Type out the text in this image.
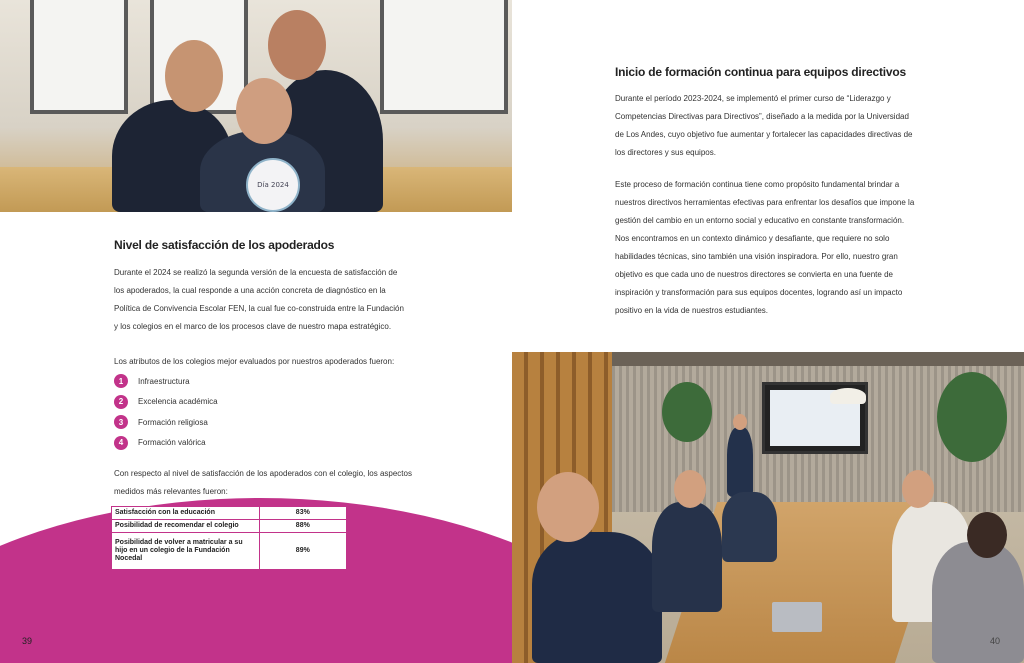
Día 2024
Nivel de satisfacción de los apoderados

Durante el 2024 se realizó la segunda versión de la encuesta de satisfacción de los apoderados, la cual responde a una acción concreta de diagnóstico en la Política de Convivencia Escolar FEN, la cual fue co-construida entre la Fundación y los colegios en el marco de los procesos clave de nuestro mapa estratégico.

Los atributos de los colegios mejor evaluados por nuestros apoderados fueron:

1	Infraestructura
2	Excelencia académica
3	Formación religiosa
4	Formación valórica

Con respecto al nivel de satisfacción de los apoderados con el colegio, los aspectos medidos más relevantes fueron:

Satisfacción con la educación	83%
Posibilidad de recomendar el colegio	88%
Posibilidad de volver a matricular a su hijo en un colegio de la Fundación Nocedal	89%
39
Inicio de formación continua para equipos directivos

Durante el período 2023-2024, se implementó el primer curso de “Liderazgo y Competencias Directivas para Directivos”, diseñado a la medida por la Universidad de Los Andes, cuyo objetivo fue aumentar y fortalecer las capacidades directivas de los directores y sus equipos.

Este proceso de formación continua tiene como propósito fundamental brindar a nuestros directivos herramientas efectivas para enfrentar los desafíos que impone la gestión del cambio en un entorno social y educativo en constante transformación. Nos encontramos en un contexto dinámico y desafiante, que requiere no solo habilidades técnicas, sino también una visión inspiradora. Por ello, nuestro gran objetivo es que cada uno de nuestros directores se convierta en una fuente de inspiración y transformación para sus equipos docentes, logrando así un impacto positivo en la vida de nuestros estudiantes.

40
